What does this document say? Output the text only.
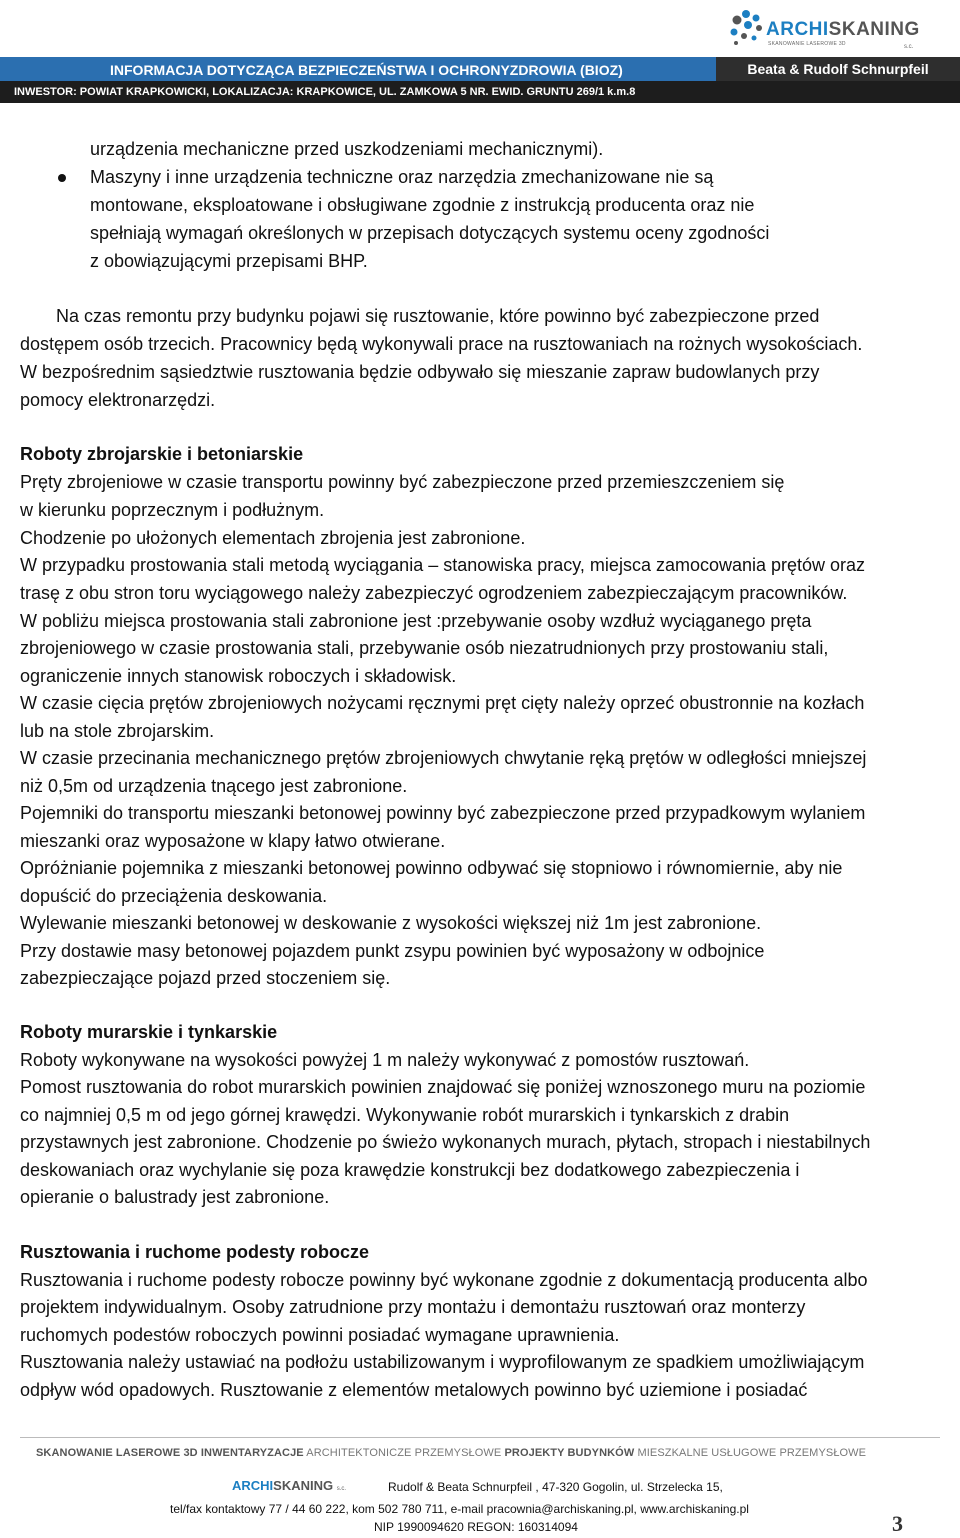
ARCHISKANING
SKANOWANIE LASEROWE 3D	s.c.
INFORMACJA DOTYCZĄCA BEZPIECZEŃSTWA I OCHRONYZDROWIA (BIOZ)	Beata & Rudolf Schnurpfeil
INWESTOR: POWIAT KRAPKOWICKI, LOKALIZACJA: KRAPKOWICE, UL. ZAMKOWA 5 NR. EWID. GRUNTU 269/1 k.m.8
urządzenia mechaniczne przed uszkodzeniami mechanicznymi).
Maszyny i inne urządzenia techniczne oraz narzędzia zmechanizowane nie są
montowane, eksploatowane i obsługiwane zgodnie z instrukcją producenta oraz nie
spełniają wymagań określonych w przepisach dotyczących systemu oceny zgodności
z obowiązującymi przepisami BHP.
Na czas remontu przy budynku pojawi się rusztowanie, które powinno być zabezpieczone przed
dostępem osób trzecich. Pracownicy będą wykonywali prace na rusztowaniach na rożnych wysokościach.
W bezpośrednim sąsiedztwie rusztowania będzie odbywało się mieszanie zapraw budowlanych przy
pomocy elektronarzędzi.
Roboty zbrojarskie i betoniarskie
Pręty zbrojeniowe w czasie transportu powinny być zabezpieczone przed przemieszczeniem się
w kierunku poprzecznym i podłużnym.
Chodzenie po ułożonych elementach zbrojenia jest zabronione.
W przypadku prostowania stali metodą wyciągania – stanowiska pracy, miejsca zamocowania prętów oraz
trasę z obu stron toru wyciągowego należy zabezpieczyć ogrodzeniem zabezpieczającym pracowników.
W pobliżu miejsca prostowania stali zabronione jest :przebywanie osoby wzdłuż wyciąganego pręta
zbrojeniowego w czasie prostowania stali, przebywanie osób niezatrudnionych przy prostowaniu stali,
ograniczenie innych stanowisk roboczych i składowisk.
W czasie cięcia prętów zbrojeniowych nożycami ręcznymi pręt cięty należy oprzeć obustronnie na kozłach
lub na stole zbrojarskim.
W czasie przecinania mechanicznego prętów zbrojeniowych chwytanie ręką prętów w odległości mniejszej
niż 0,5m od urządzenia tnącego jest zabronione.
Pojemniki do transportu mieszanki betonowej powinny być zabezpieczone przed przypadkowym wylaniem
mieszanki oraz wyposażone w klapy łatwo otwierane.
Opróżnianie pojemnika z mieszanki betonowej powinno odbywać się stopniowo i równomiernie, aby nie
dopuścić do przeciążenia deskowania.
Wylewanie mieszanki betonowej w deskowanie z wysokości większej niż 1m jest zabronione.
Przy dostawie masy betonowej pojazdem punkt zsypu powinien być wyposażony w odbojnice
zabezpieczające pojazd przed stoczeniem się.
Roboty murarskie i tynkarskie
Roboty wykonywane na wysokości powyżej 1 m należy wykonywać z pomostów rusztowań.
Pomost rusztowania do robot murarskich powinien znajdować się poniżej wznoszonego muru na poziomie
co najmniej 0,5 m od jego górnej krawędzi. Wykonywanie robót murarskich i tynkarskich z drabin
przystawnych jest zabronione. Chodzenie po świeżo wykonanych murach, płytach, stropach i niestabilnych
deskowaniach oraz wychylanie się poza krawędzie konstrukcji bez dodatkowego zabezpieczenia i
opieranie o balustrady jest zabronione.
Rusztowania i ruchome podesty robocze
Rusztowania i ruchome podesty robocze powinny być wykonane zgodnie z dokumentacją producenta albo
projektem indywidualnym. Osoby zatrudnione przy montażu i demontażu rusztowań oraz monterzy
ruchomych podestów roboczych powinni posiadać wymagane uprawnienia.
Rusztowania należy ustawiać na podłożu ustabilizowanym i wyprofilowanym ze spadkiem umożliwiającym
odpływ wód opadowych. Rusztowanie z elementów metalowych powinno być uziemione i posiadać
SKANOWANIE LASEROWE 3D INWENTARYZACJE ARCHITEKTONICZE PRZEMYSŁOWE PROJEKTY BUDYNKÓW MIESZKALNE USŁUGOWE PRZEMYSŁOWE
ARCHISKANING s.c.	Rudolf & Beata Schnurpfeil , 47-320 Gogolin, ul. Strzelecka 15,
tel/fax kontaktowy 77 / 44 60 222, kom 502 780 711, e-mail pracownia@archiskaning.pl, www.archiskaning.pl
NIP 1990094620 REGON: 160314094	3
